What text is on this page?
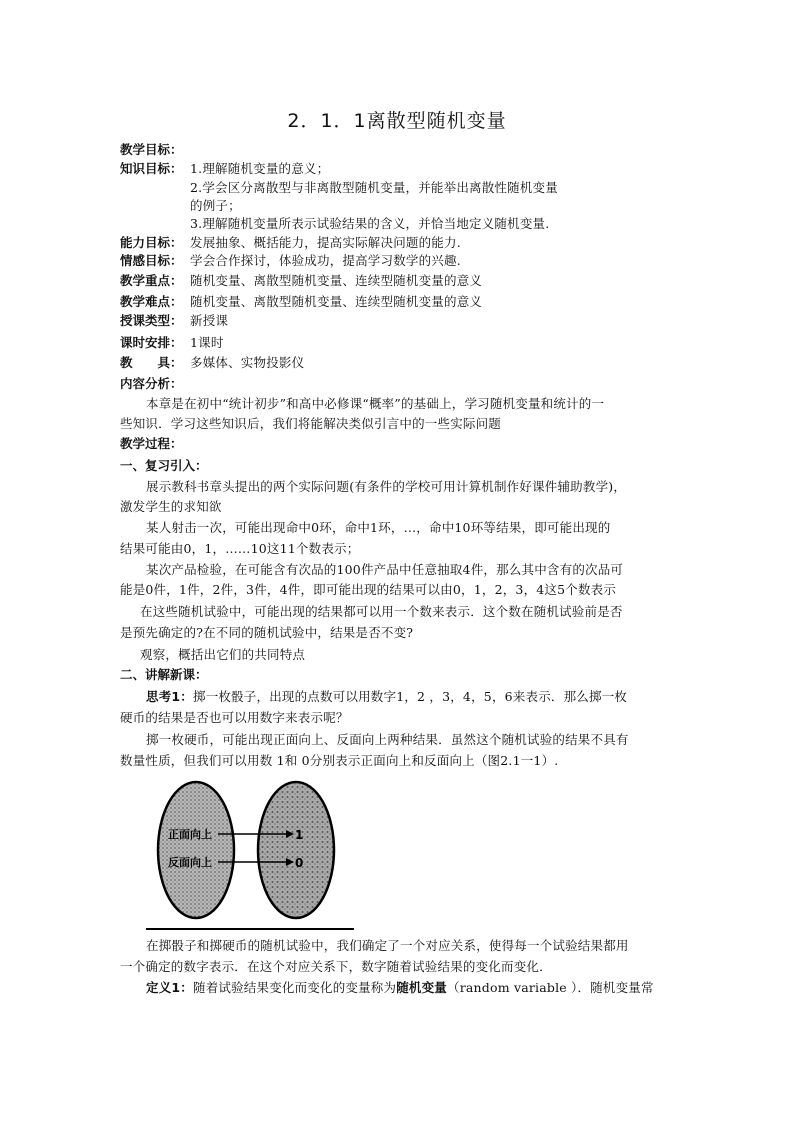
2．1．1离散型随机变量
教学目标：
知识目标： 1.理解随机变量的意义；
2.学会区分离散型与非离散型随机变量，并能举出离散性随机变量
的例子；
3.理解随机变量所表示试验结果的含义，并恰当地定义随机变量.
能力目标： 发展抽象、概括能力，提高实际解决问题的能力.
情感目标： 学会合作探讨，体验成功，提高学习数学的兴趣.
教学重点： 随机变量、离散型随机变量、连续型随机变量的意义
教学难点： 随机变量、离散型随机变量、连续型随机变量的意义
授课类型： 新授课
课时安排： 1课时
教　　具： 多媒体、实物投影仪
内容分析：
本章是在初中“统计初步”和高中必修课“概率”的基础上，学习随机变量和统计的一
些知识．学习这些知识后，我们将能解决类似引言中的一些实际问题
教学过程：
一、复习引入：
展示教科书章头提出的两个实际问题(有条件的学校可用计算机制作好课件辅助教学)，
激发学生的求知欲
某人射击一次，可能出现命中0环，命中1环，…，命中10环等结果，即可能出现的
结果可能由0，1，……10这11个数表示；
某次产品检验，在可能含有次品的100件产品中任意抽取4件，那么其中含有的次品可
能是0件，1件，2件，3件，4件，即可能出现的结果可以由0，1，2，3，4这5个数表示
在这些随机试验中，可能出现的结果都可以用一个数来表示．这个数在随机试验前是否
是预先确定的?在不同的随机试验中，结果是否不变?
观察，概括出它们的共同特点
二、讲解新课：
思考1：掷一枚骰子，出现的点数可以用数字1，2 ，3，4，5，6来表示．那么掷一枚
硬币的结果是否也可以用数字来表示呢？
掷一枚硬币，可能出现正面向上、反面向上两种结果．虽然这个随机试验的结果不具有
数量性质，但我们可以用数 1和 0分别表示正面向上和反面向上（图2.1一1）.
正面向上
反面向上
1
0
在掷骰子和掷硬币的随机试验中，我们确定了一个对应关系，使得每一个试验结果都用
一个确定的数字表示．在这个对应关系下，数字随着试验结果的变化而变化．
定义1：随着试验结果变化而变化的变量称为随机变量（random variable ）．随机变量常
